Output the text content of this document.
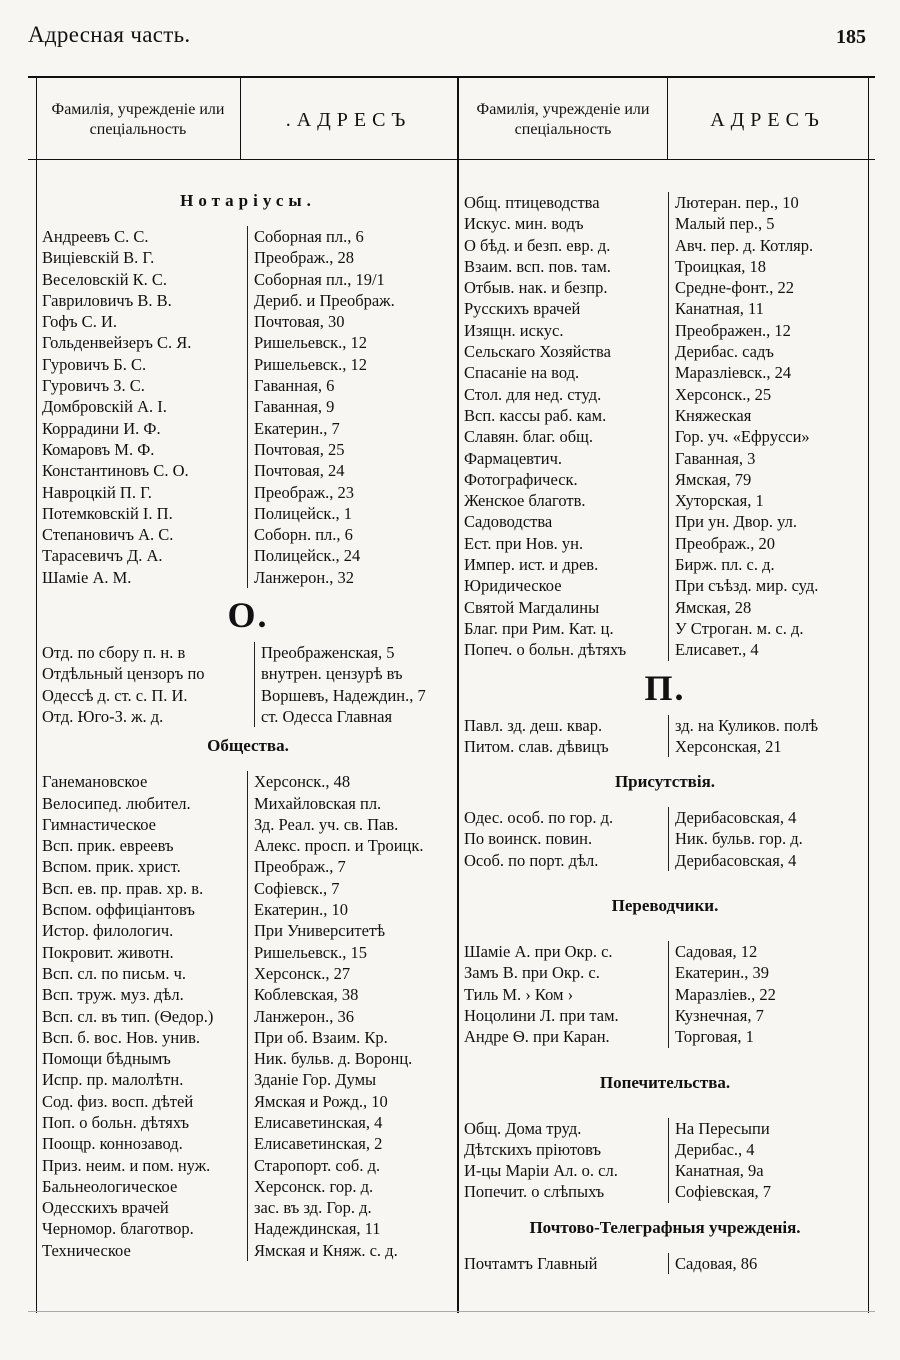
Адресная часть.	185
Фамилія, учрежденіе или спеціальность	.АДРЕСЪ	Фамилія, учрежденіе или спеціальность	АДРЕСЪ
Нотаріусы.
Андреевъ С. С.	Соборная пл., 6
Вицiевскій В. Г.	Преображ., 28
Веселовскій К. С.	Соборная пл., 19/1
Гавриловичъ В. В.	Дериб. и Преображ.
Гофъ С. И.	Почтовая, 30
Гольденвейзеръ С. Я.	Ришельевск., 12
Гуровичъ Б. С.	Ришельевск., 12
Гуровичъ З. С.	Гаванная, 6
Домбровскій А. І.	Гаванная, 9
Коррадини И. Ф.	Екатерин., 7
Комаровъ М. Ф.	Почтовая, 25
Константиновъ С. О.	Почтовая, 24
Навроцкій П. Г.	Преображ., 23
Потемковскій І. П.	Полицейск., 1
Степановичъ А. С.	Соборн. пл., 6
Тарасевичъ Д. А.	Полицейск., 24
Шаміе А. М.	Ланжерон., 32
О.
Отд. по сбору п. н. в	Преображенская, 5
Отдѣльный цензоръ по	внутрен. цензурѣ въ
Одессѣ д. ст. с. П. И.	Воршевъ, Надеждин., 7
Отд. Юго-З. ж. д.	ст. Одесса Главная
Общества.
Ганемановское	Херсонск., 48
Велосипед. любител.	Михайловская пл.
Гимнастическое	Зд. Реал. уч. св. Пав.
Всп. прик. евреевъ	Алекс. просп. и Троицк.
Вспом. прик. христ.	Преображ., 7
Всп. ев. пр. прав. хр. в.	Софіевск., 7
Вспом. оффиціантовъ	Екатерин., 10
Истор. филологич.	При Университетѣ
Покровит. животн.	Ришельевск., 15
Всп. сл. по письм. ч.	Херсонск., 27
Всп. труж. муз. дѣл.	Коблевская, 38
Всп. сл. въ тип. (Ѳедор.)	Ланжерон., 36
Всп. б. вос. Нов. унив.	При об. Взаим. Кр.
Помощи бѣднымъ	Ник. бульв. д. Воронц.
Испр. пр. малолѣтн.	Зданіе Гор. Думы
Сод. физ. восп. дѣтей	Ямская и Рожд., 10
Поп. о больн. дѣтяхъ	Елисаветинская, 4
Поощр. коннозавод.	Елисаветинская, 2
Приз. неим. и пом. нуж.	Старопорт. соб. д.
Бальнеологическое	Херсонск. гор. д.
Одесскихъ врачей	зас. въ зд. Гор. д.
Черномор. благотвор.	Надеждинская, 11
Техническое	Ямская и Княж. с. д.
Общ. птицеводства	Лютеран. пер., 10
Искус. мин. водъ	Малый пер., 5
О бѣд. и безп. евр. д.	Авч. пер. д. Котляр.
Взаим. всп. пов. там.	Троицкая, 18
Отбыв. нак. и безпр.	Средне-фонт., 22
Русскихъ врачей	Канатная, 11
Изящн. искус.	Преображен., 12
Сельскаго Хозяйства	Дерибас. садъ
Спасаніе на вод.	Маразліевск., 24
Стол. для нед. студ.	Херсонск., 25
Всп. кассы раб. кам.	Княжеская
Славян. благ. общ.	Гор. уч. «Ефрусси»
Фармацевтич.	Гаванная, 3
Фотографическ.	Ямская, 79
Женское благотв.	Хуторская, 1
Садоводства	При ун. Двор. ул.
Ест. при Нов. ун.	Преображ., 20
Импер. ист. и древ.	Бирж. пл. с. д.
Юридическое	При съѣзд. мир. суд.
Святой Магдалины	Ямская, 28
Благ. при Рим. Кат. ц.	У Строган. м. с. д.
Попеч. о больн. дѣтяхъ	Елисавет., 4
П.
Павл. зд. деш. квар.	зд. на Куликов. полѣ
Питом. слав. дѣвицъ	Херсонская, 21
Присутствія.
Одес. особ. по гор. д.	Дерибасовская, 4
По воинск. повин.	Ник. бульв. гор. д.
Особ. по порт. дѣл.	Дерибасовская, 4
Переводчики.
Шаміе А. при Окр. с.	Садовая, 12
Замъ В. при Окр. с.	Екатерин., 39
Тиль М. › Ком ›	Маразліев., 22
Ноцолини Л. при там.	Кузнечная, 7
Андре Ѳ. при Каран.	Торговая, 1
Попечительства.
Общ. Дома труд.	На Пересыпи
Дѣтскихъ пріютовъ	Дерибас., 4
И-цы Маріи Ал. о. сл.	Канатная, 9а
Попечит. о слѣпыхъ	Софіевская, 7
Почтово-Телеграфныя учрежденія.
Почтамтъ Главный	Садовая, 86
